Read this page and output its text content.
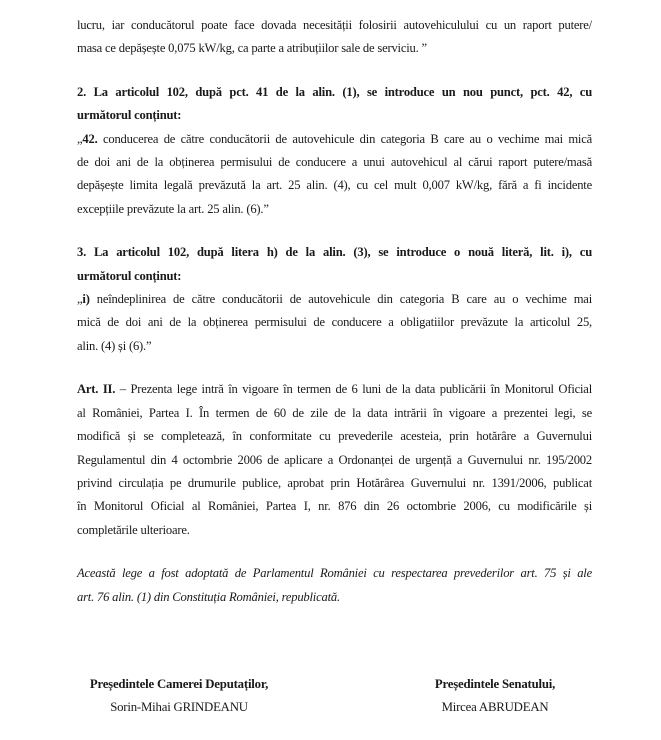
lucru, iar conducătorul poate face dovada necesității folosirii autovehiculului cu un raport putere/
masa ce depășește 0,075 kW/kg, ca parte a atribuțiilor sale de serviciu. ”
2. La articolul 102, după pct. 41 de la alin. (1), se introduce un nou punct, pct. 42, cu
următorul conținut:
„42. conducerea de către conducătorii de autovehicule din categoria B care au o vechime mai mică
de doi ani de la obținerea permisului de conducere a unui autovehicul al cărui raport putere/masă
depășește limita legală prevăzută la art. 25 alin. (4), cu cel mult 0,007 kW/kg, fără a fi incidente
excepțiile prevăzute la art. 25 alin. (6).”
3. La articolul 102, după litera h) de la alin. (3), se introduce o nouă literă, lit. i), cu
următorul conținut:
„i) neîndeplinirea de către conducătorii de autovehicule din categoria B care au o vechime mai
mică de doi ani de la obținerea permisului de conducere a obligatiilor prevăzute la articolul 25,
alin. (4) și (6).”
Art. II. – Prezenta lege intră în vigoare în termen de 6 luni de la data publicării în Monitorul Oficial
al României, Partea I. În termen de 60 de zile de la data intrării în vigoare a prezentei legi, se
modifică și se completează, în conformitate cu prevederile acesteia, prin hotărâre a Guvernului
Regulamentul din 4 octombrie 2006 de aplicare a Ordonanței de urgență a Guvernului nr. 195/2002
privind circulația pe drumurile publice, aprobat prin Hotărârea Guvernului nr. 1391/2006, publicat
în Monitorul Oficial al României, Partea I, nr. 876 din 26 octombrie 2006, cu modificările și
completările ulterioare.
Această lege a fost adoptată de Parlamentul României cu respectarea prevederilor art. 75 și ale
art. 76 alin. (1) din Constituția României, republicată.
Președintele Camerei Deputaților,
Sorin-Mihai GRINDEANU
Președintele Senatului,
Mircea ABRUDEAN
